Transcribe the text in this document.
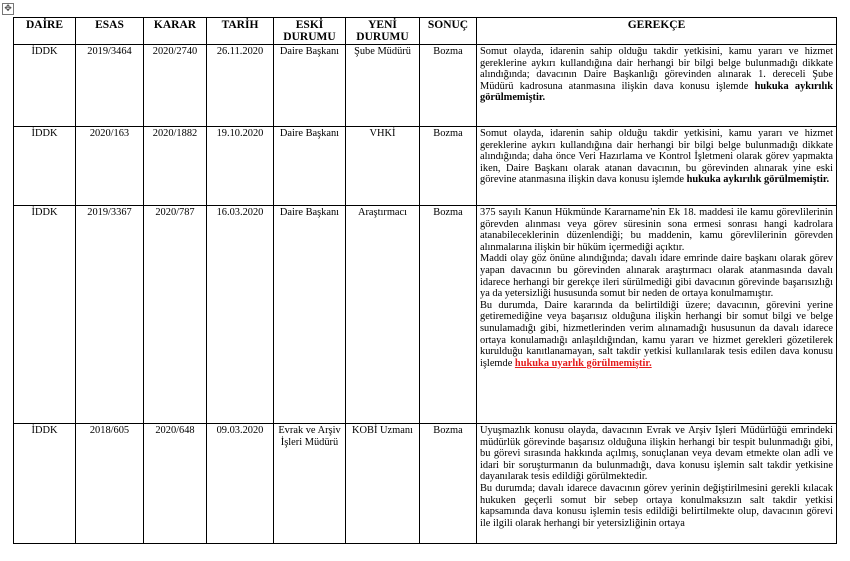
✥
DAİRE	ESAS	KARAR	TARİH	ESKİ DURUMU	YENİ DURUMU	SONUÇ	GEREKÇE
İDDK	2019/3464	2020/2740	26.11.2020	Daire Başkanı	Şube Müdürü	Bozma	Somut olayda, idarenin sahip olduğu takdir yetkisini, kamu yararı ve hizmet gereklerine aykırı kullandığına dair herhangi bir bilgi belge bulunmadığı dikkate alındığında; davacının Daire Başkanlığı görevinden alınarak 1. dereceli Şube Müdürü kadrosuna atanmasına ilişkin dava konusu işlemde hukuka aykırılık görülmemiştir.
İDDK	2020/163	2020/1882	19.10.2020	Daire Başkanı	VHKİ	Bozma	Somut olayda, idarenin sahip olduğu takdir yetkisini, kamu yararı ve hizmet gereklerine aykırı kullandığına dair herhangi bir bilgi belge bulunmadığı dikkate alındığında; daha önce Veri Hazırlama ve Kontrol İşletmeni olarak görev yapmakta iken, Daire Başkanı olarak atanan davacının, bu görevinden alınarak yine eski görevine atanmasına ilişkin dava konusu işlemde hukuka aykırılık görülmemiştir.
İDDK	2019/3367	2020/787	16.03.2020	Daire Başkanı	Araştırmacı	Bozma	375 sayılı Kanun Hükmünde Kararname'nin Ek 18. maddesi ile kamu görevlilerinin görevden alınması veya görev süresinin sona ermesi sonrası hangi kadrolara atanabileceklerinin düzenlendiği; bu maddenin, kamu görevlilerinin görevden alınmalarına ilişkin bir hüküm içermediği açıktır.

Maddi olay göz önüne alındığında; davalı idare emrinde daire başkanı olarak görev yapan davacının bu görevinden alınarak araştırmacı olarak atanmasında davalı idarece herhangi bir gerekçe ileri sürülmediği gibi davacının görevinde başarısızlığı ya da yetersizliği hususunda somut bir neden de ortaya konulmamıştır.

Bu durumda, Daire kararında da belirtildiği üzere; davacının, görevini yerine getiremediğine veya başarısız olduğuna ilişkin herhangi bir somut bilgi ve belge sunulamadığı gibi, hizmetlerinden verim alınamadığı hususunun da davalı idarece ortaya konulamadığı anlaşıldığından, kamu yararı ve hizmet gerekleri gözetilerek kurulduğu kanıtlanamayan, salt takdir yetkisi kullanılarak tesis edilen dava konusu işlemde hukuka uyarlık görülmemiştir.

İDDK	2018/605	2020/648	09.03.2020	Evrak ve Arşiv İşleri Müdürü	KOBİ Uzmanı	Bozma	Uyuşmazlık konusu olayda, davacının Evrak ve Arşiv İşleri Müdürlüğü emrindeki müdürlük görevinde başarısız olduğuna ilişkin herhangi bir tespit bulunmadığı gibi, bu görevi sırasında hakkında açılmış, sonuçlanan veya devam etmekte olan adli ve idari bir soruşturmanın da bulunmadığı, dava konusu işlemin salt takdir yetkisine dayanılarak tesis edildiği görülmektedir.

Bu durumda; davalı idarece davacının görev yerinin değiştirilmesini gerekli kılacak hukuken geçerli somut bir sebep ortaya konulmaksızın salt takdir yetkisi kapsamında dava konusu işlemin tesis edildiği belirtilmekte olup, davacının görevi ile ilgili olarak herhangi bir yetersizliğinin ortaya
